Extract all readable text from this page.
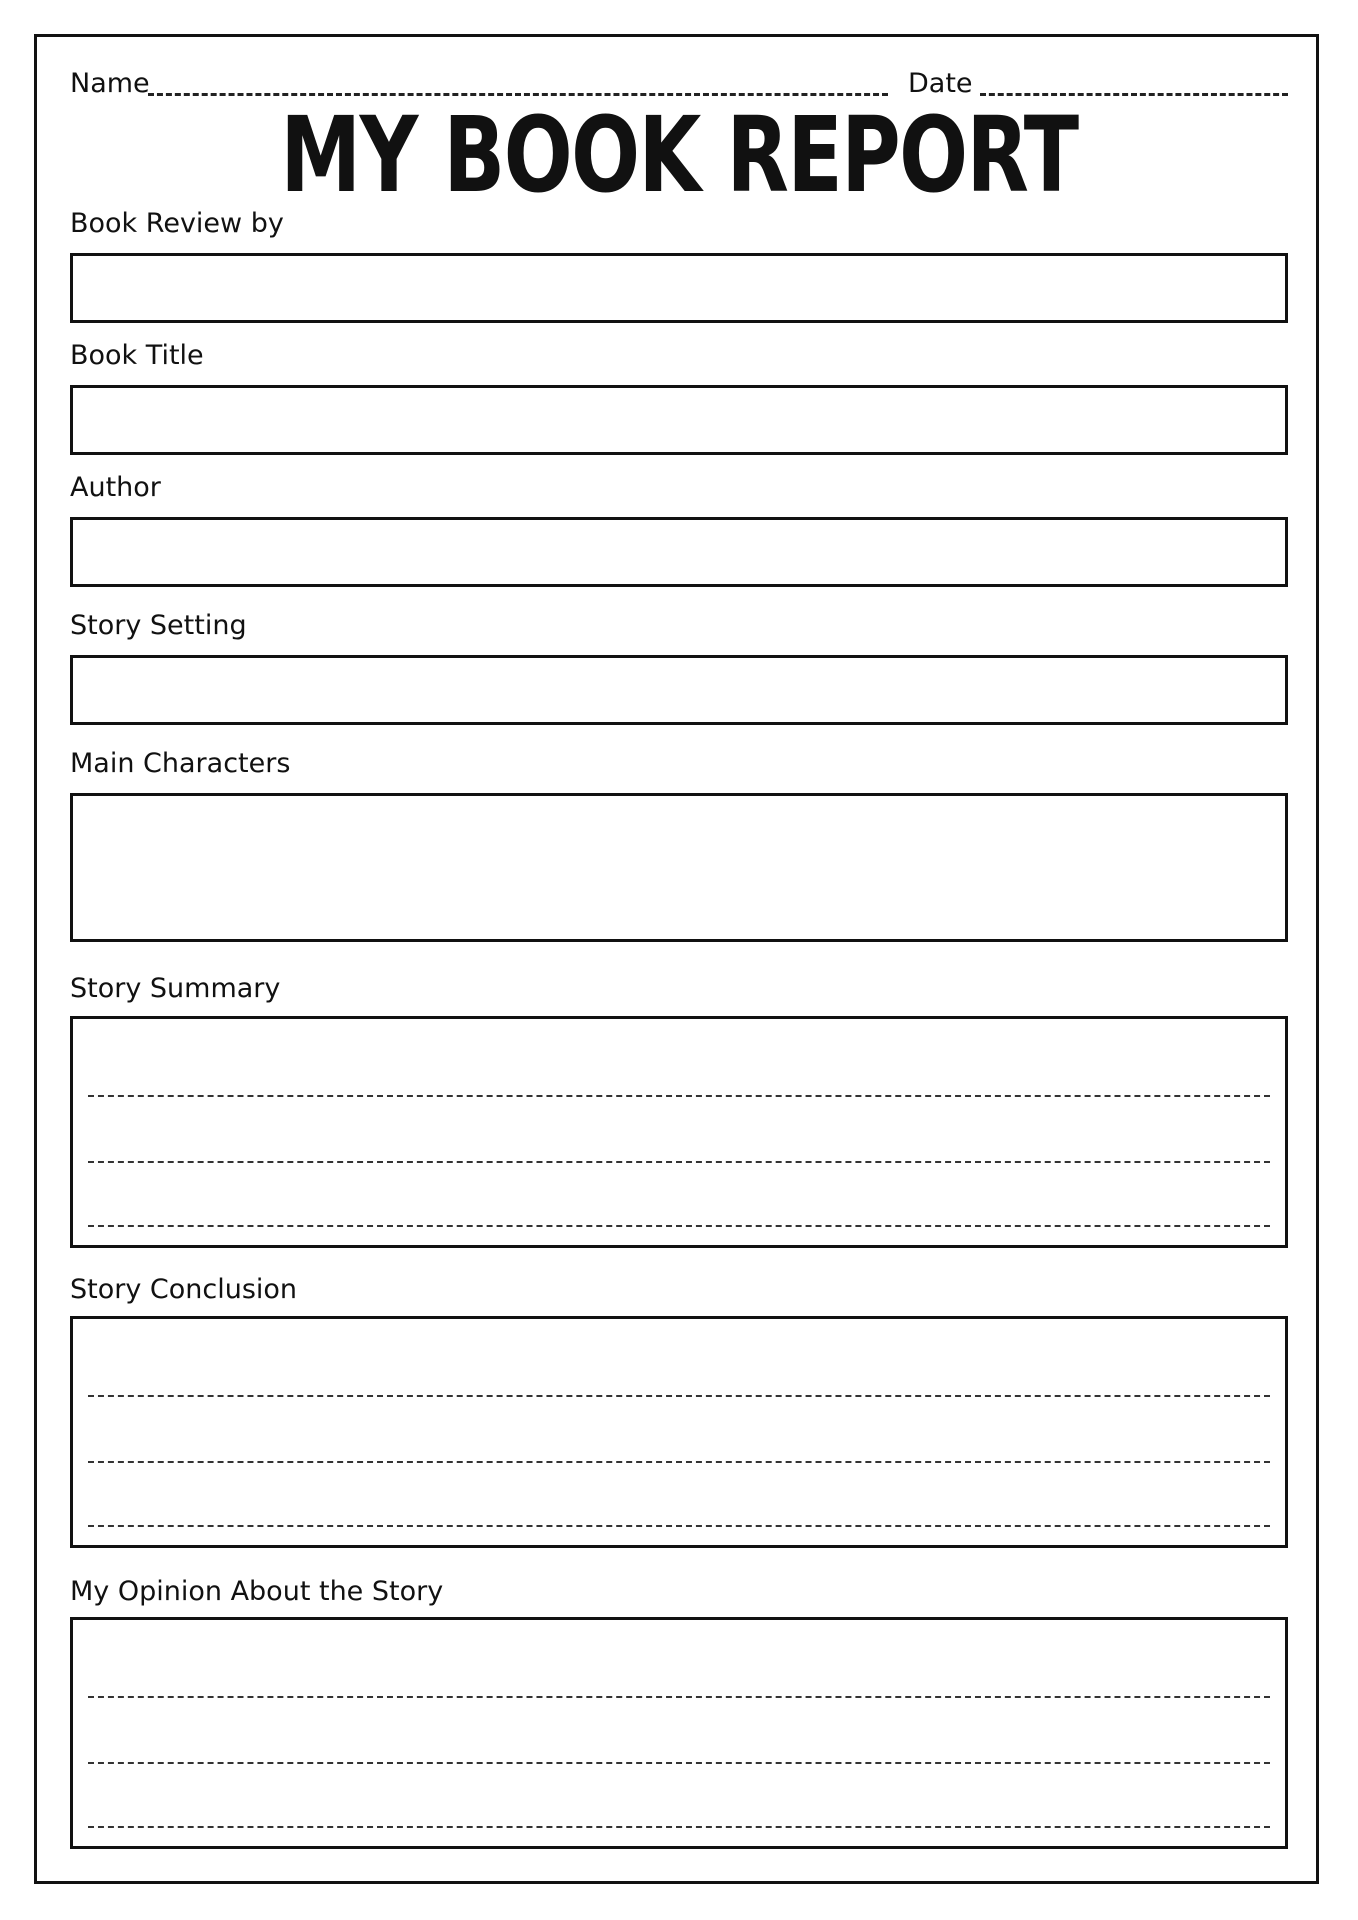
Name	Date
MY BOOK REPORT
Book Review by
Book Title
Author
Story Setting
Main Characters
Story Summary
Story Conclusion
My Opinion About the Story
